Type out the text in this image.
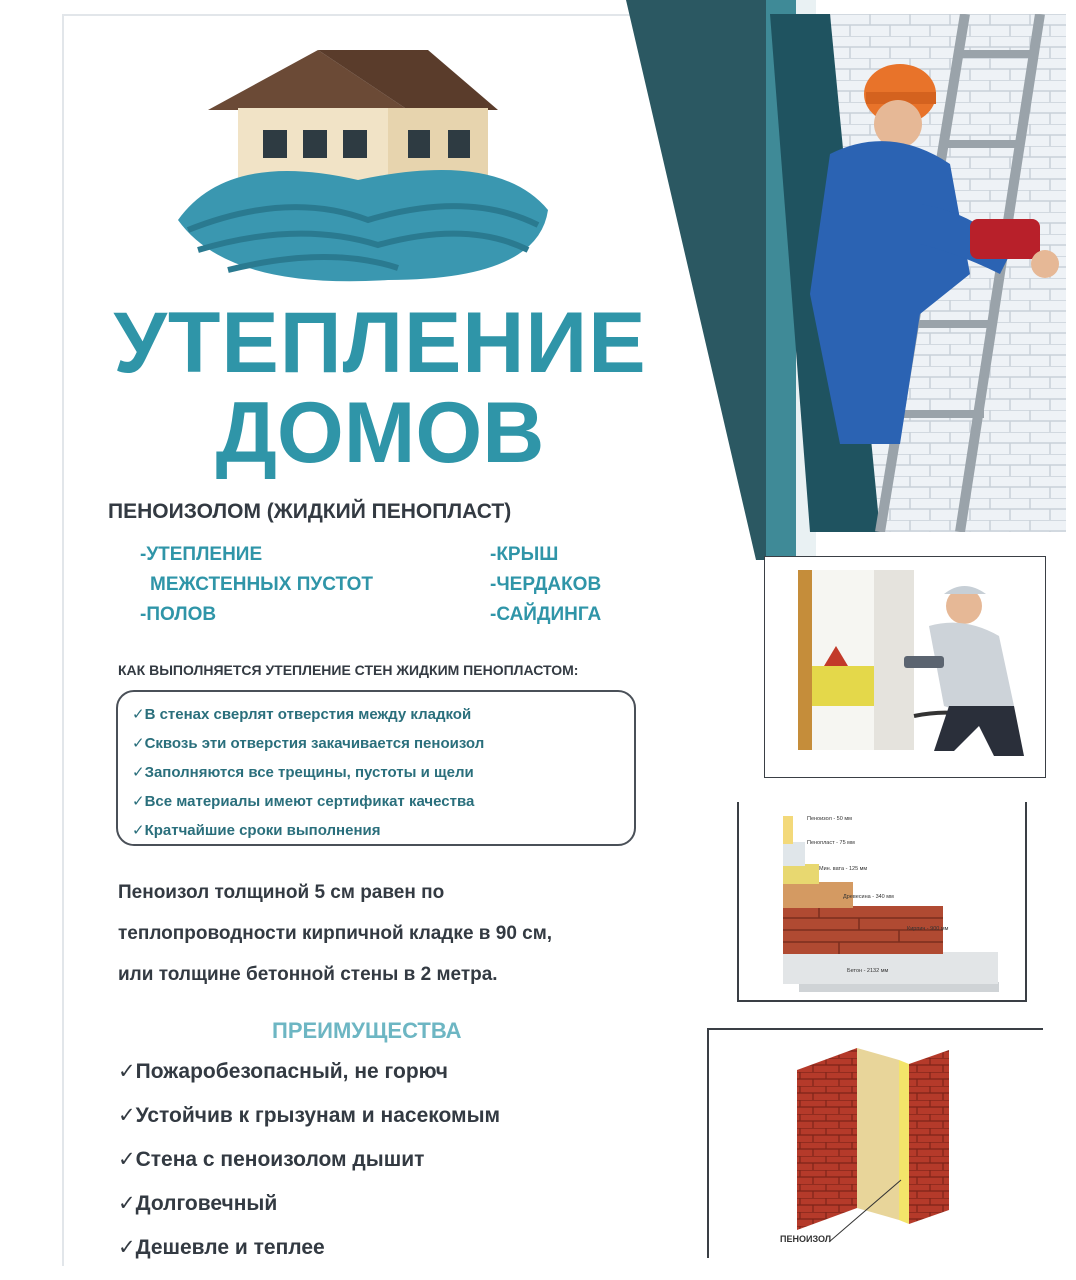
Пеноизол - 50 мм
Пенопласт - 75 мм
Мин. вата - 125 мм
Древесина - 340 мм
Кирпич - 900 мм
Бетон - 2132 мм
ПЕНОИЗОЛ
УТЕПЛЕНИЕ
ДОМОВ
ПЕНОИЗОЛОМ (ЖИДКИЙ ПЕНОПЛАСТ)
-УТЕПЛЕНИЕ
МЕЖСТЕННЫХ ПУСТОТ
-ПОЛОВ
-КРЫШ
-ЧЕРДАКОВ
-САЙДИНГА
КАК ВЫПОЛНЯЕТСЯ УТЕПЛЕНИЕ СТЕН ЖИДКИМ ПЕНОПЛАСТОМ:
✓В стенах сверлят отверстия между кладкой
✓Сквозь эти отверстия закачивается пеноизол
✓Заполняются все трещины, пустоты и щели
✓Все материалы имеют сертификат качества
✓Кратчайшие сроки выполнения
Пеноизол толщиной 5 см равен по
теплопроводности кирпичной кладке в 90 см,
или толщине бетонной стены в 2 метра.
ПРЕИМУЩЕСТВА
✓Пожаробезопасный, не горюч
✓Устойчив к грызунам и насекомым
✓Стена с пеноизолом дышит
✓Долговечный
✓Дешевле и теплее
